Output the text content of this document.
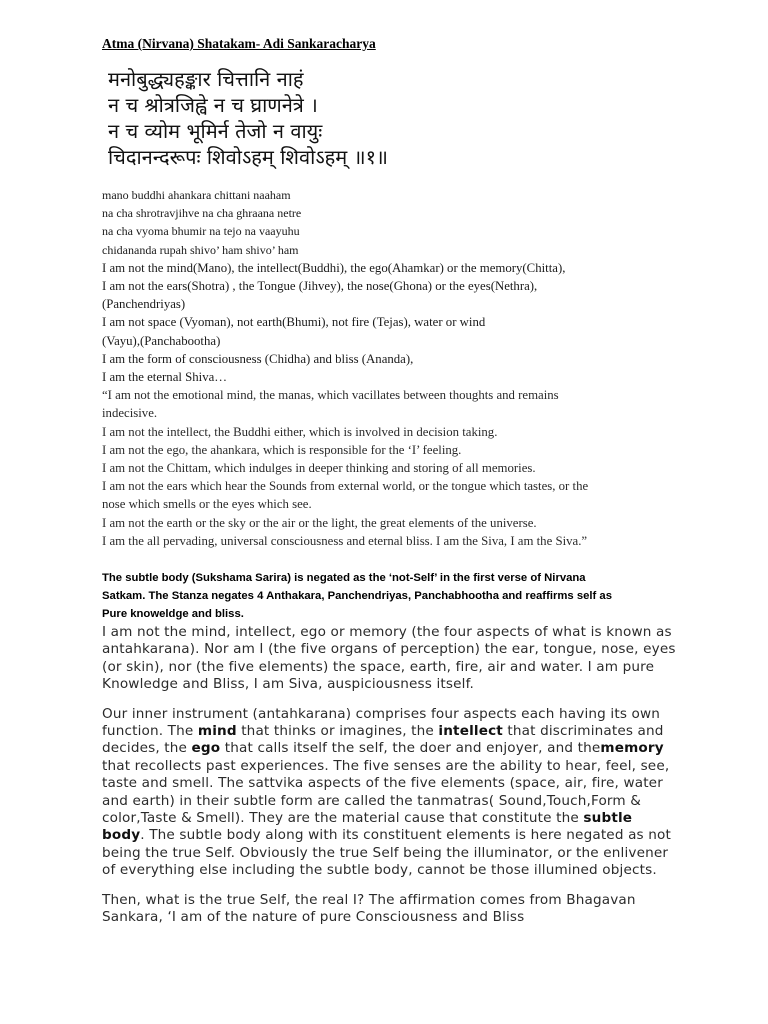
Atma (Nirvana) Shatakam- Adi Sankaracharya
मनोबुद्ध्यहङ्कार चित्तानि नाहं
न च श्रोत्रजिह्वे न च घ्राणनेत्रे ।
न च व्योम भूमिर्न तेजो न वायुः
चिदानन्दरूपः शिवोऽहम् शिवोऽहम् ॥१॥
mano buddhi ahankara chittani naaham
na cha shrotravjihve na cha ghraana netre
na cha vyoma bhumir na tejo na vaayuhu
chidananda rupah shivo’ ham shivo’ ham
I am not the mind(Mano), the intellect(Buddhi), the ego(Ahamkar) or the memory(Chitta),
I am not the ears(Shotra) , the Tongue (Jihvey), the nose(Ghona) or the eyes(Nethra),
(Panchendriyas)
I am not space (Vyoman), not earth(Bhumi), not fire (Tejas), water or wind
(Vayu),(Panchabootha)
I am the form of consciousness (Chidha) and bliss (Ananda),
I am the eternal Shiva…
“I am not the emotional mind, the manas, which vacillates between thoughts and remains
indecisive.
I am not the intellect, the Buddhi either, which is involved in decision taking.
I am not the ego, the ahankara, which is responsible for the ‘I’ feeling.
I am not the Chittam, which indulges in deeper thinking and storing of all memories.
I am not the ears which hear the Sounds from external world, or the tongue which tastes, or the
nose which smells or the eyes which see.
I am not the earth or the sky or the air or the light, the great elements of the universe.
I am the all pervading, universal consciousness and eternal bliss. I am the Siva, I am the Siva.”
The subtle body (Sukshama Sarira) is negated as the ‘not-Self’ in the first verse of Nirvana
Satkam. The Stanza negates 4 Anthakara, Panchendriyas, Panchabhootha and reaffirms self as
Pure knoweldge and bliss.

I am not the mind, intellect, ego or memory (the four aspects of what is known as antahkarana). Nor am I (the five organs of perception) the ear, tongue, nose, eyes (or skin), nor (the five elements) the space, earth, fire, air and water. I am pure Knowledge and Bliss, I am Siva, auspiciousness itself.

Our inner instrument (antahkarana) comprises four aspects each having its own function. The mind that thinks or imagines, the intellect that discriminates and decides, the ego that calls itself the self, the doer and enjoyer, and thememory that recollects past experiences. The five senses are the ability to hear, feel, see, taste and smell. The sattvika aspects of the five elements (space, air, fire, water and earth) in their subtle form are called the tanmatras( Sound,Touch,Form & color,Taste & Smell). They are the material cause that constitute the subtle body. The subtle body along with its constituent elements is here negated as not being the true Self. Obviously the true Self being the illuminator, or the enlivener of everything else including the subtle body, cannot be those illumined objects.

Then, what is the true Self, the real I? The affirmation comes from Bhagavan Sankara, ‘I am of the nature of pure Consciousness and Bliss
